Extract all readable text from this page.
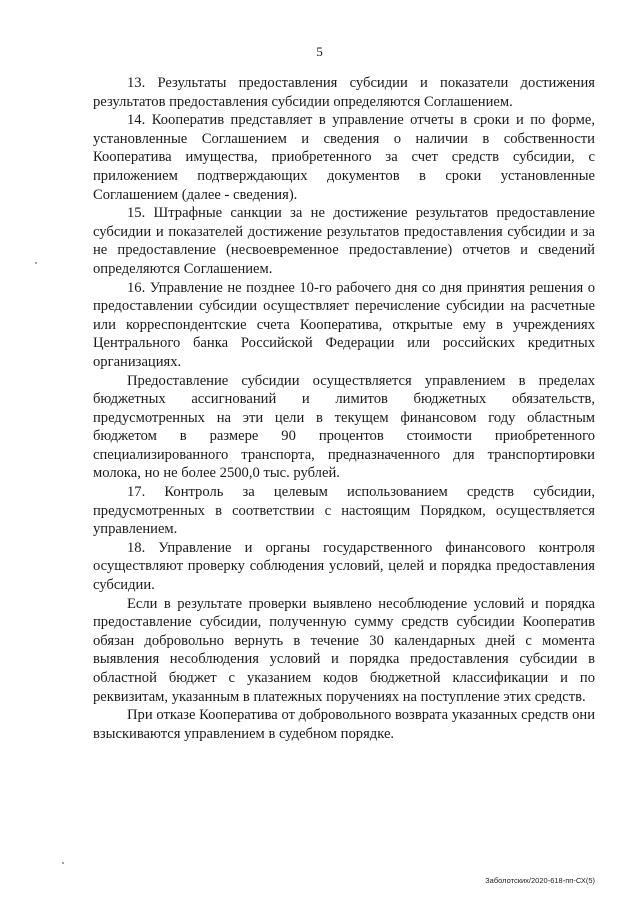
5

13. Результаты предоставления субсидии и показатели достижения результатов предоставления субсидии определяются Соглашением.

14. Кооператив представляет в управление отчеты в сроки и по форме, установленные Соглашением и сведения о наличии в собственности Кооператива имущества, приобретенного за счет средств субсидии, с приложением подтверждающих документов в сроки установленные Соглашением (далее - сведения).

15. Штрафные санкции за не достижение результатов предоставление субсидии и показателей достижение результатов предоставления субсидии и за не предоставление (несвоевременное предоставление) отчетов и сведений определяются Соглашением.

16. Управление не позднее 10-го рабочего дня со дня принятия решения о предоставлении субсидии осуществляет перечисление субсидии на расчетные или корреспондентские счета Кооператива, открытые ему в учреждениях Центрального банка Российской Федерации или российских кредитных организациях.

Предоставление субсидии осуществляется управлением в пределах бюджетных ассигнований и лимитов бюджетных обязательств, предусмотренных на эти цели в текущем финансовом году областным бюджетом в размере 90 процентов стоимости приобретенного специализированного транспорта, предназначенного для транспортировки молока, но не более 2500,0 тыс. рублей.

17. Контроль за целевым использованием средств субсидии, предусмотренных в соответствии с настоящим Порядком, осуществляется управлением.

18. Управление и органы государственного финансового контроля осуществляют проверку соблюдения условий, целей и порядка предоставления субсидии.

Если в результате проверки выявлено несоблюдение условий и порядка предоставление субсидии, полученную сумму средств субсидии Кооператив обязан добровольно вернуть в течение 30 календарных дней с момента выявления несоблюдения условий и порядка предоставления субсидии в областной бюджет с указанием кодов бюджетной классификации и по реквизитам, указанным в платежных поручениях на поступление этих средств.

При отказе Кооператива от добровольного возврата указанных средств они взыскиваются управлением в судебном порядке.

Заболотских/2020-618-пп-СХ(5)
